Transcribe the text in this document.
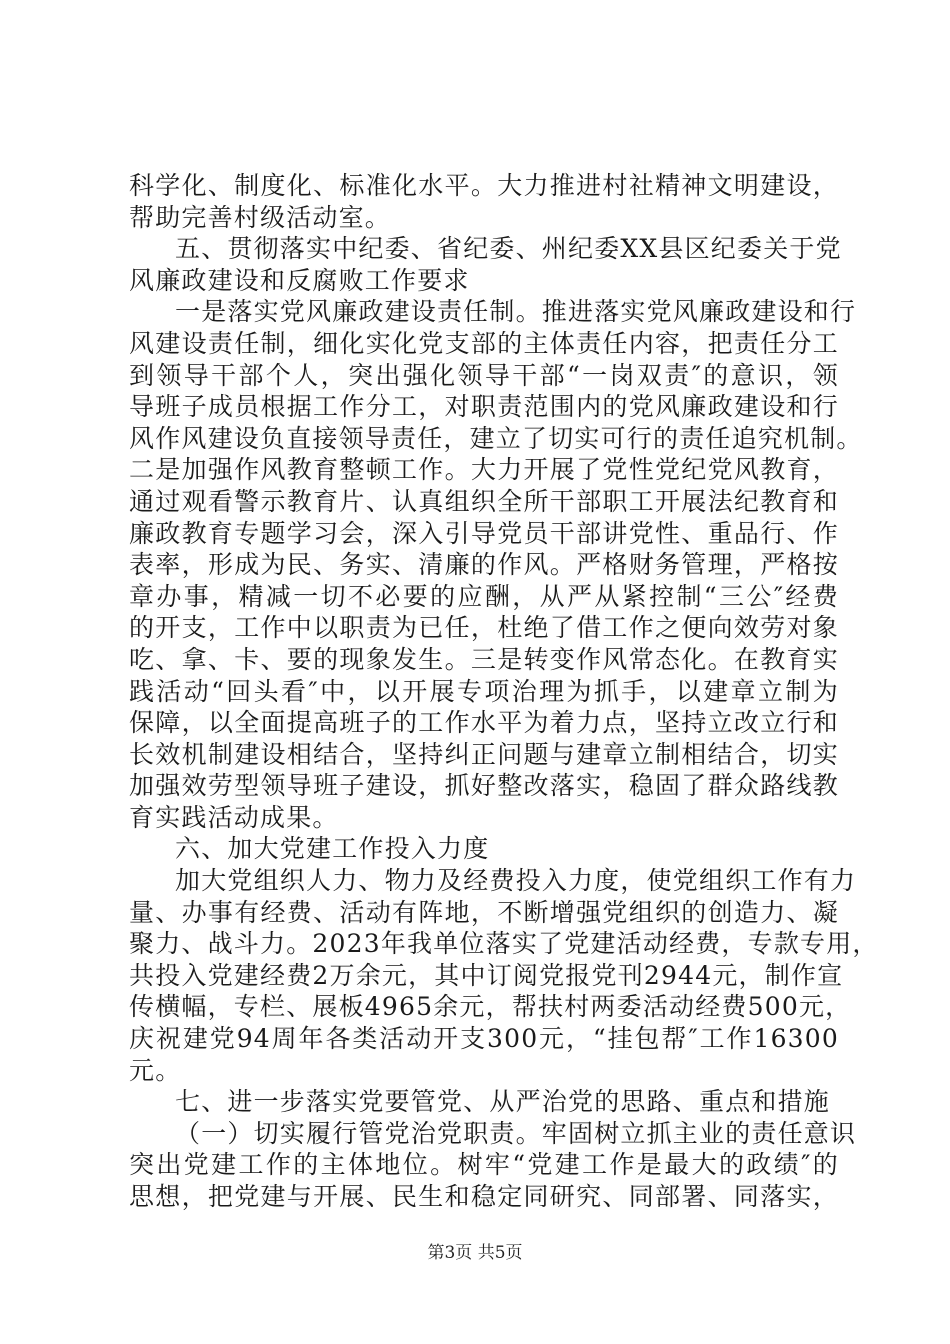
科学化、制度化、标准化水平。大力推进村社精神文明建设，
帮助完善村级活动室。
五、贯彻落实中纪委、省纪委、州纪委XX县区纪委关于党
风廉政建设和反腐败工作要求
一是落实党风廉政建设责任制。推进落实党风廉政建设和行
风建设责任制，细化实化党支部的主体责任内容，把责任分工
到领导干部个人，突出强化领导干部“一岗双责″的意识，领
导班子成员根据工作分工，对职责范围内的党风廉政建设和行
风作风建设负直接领导责任，建立了切实可行的责任追究机制。
二是加强作风教育整顿工作。大力开展了党性党纪党风教育，
通过观看警示教育片、认真组织全所干部职工开展法纪教育和
廉政教育专题学习会，深入引导党员干部讲党性、重品行、作
表率，形成为民、务实、清廉的作风。严格财务管理，严格按
章办事，精减一切不必要的应酬，从严从紧控制“三公″经费
的开支，工作中以职责为已任，杜绝了借工作之便向效劳对象
吃、拿、卡、要的现象发生。三是转变作风常态化。在教育实
践活动“回头看″中，以开展专项治理为抓手，以建章立制为
保障，以全面提高班子的工作水平为着力点，坚持立改立行和
长效机制建设相结合，坚持纠正问题与建章立制相结合，切实
加强效劳型领导班子建设，抓好整改落实，稳固了群众路线教
育实践活动成果。
六、加大党建工作投入力度
加大党组织人力、物力及经费投入力度，使党组织工作有力
量、办事有经费、活动有阵地，不断增强党组织的创造力、凝
聚力、战斗力。2023年我单位落实了党建活动经费，专款专用，
共投入党建经费2万余元，其中订阅党报党刊2944元，制作宣
传横幅，专栏、展板4965余元，帮扶村两委活动经费500元，
庆祝建党94周年各类活动开支300元，“挂包帮″工作16300
元。
七、进一步落实党要管党、从严治党的思路、重点和措施
（一）切实履行管党治党职责。牢固树立抓主业的责任意识
突出党建工作的主体地位。树牢“党建工作是最大的政绩″的
思想，把党建与开展、民生和稳定同研究、同部署、同落实，
第3页 共5页
